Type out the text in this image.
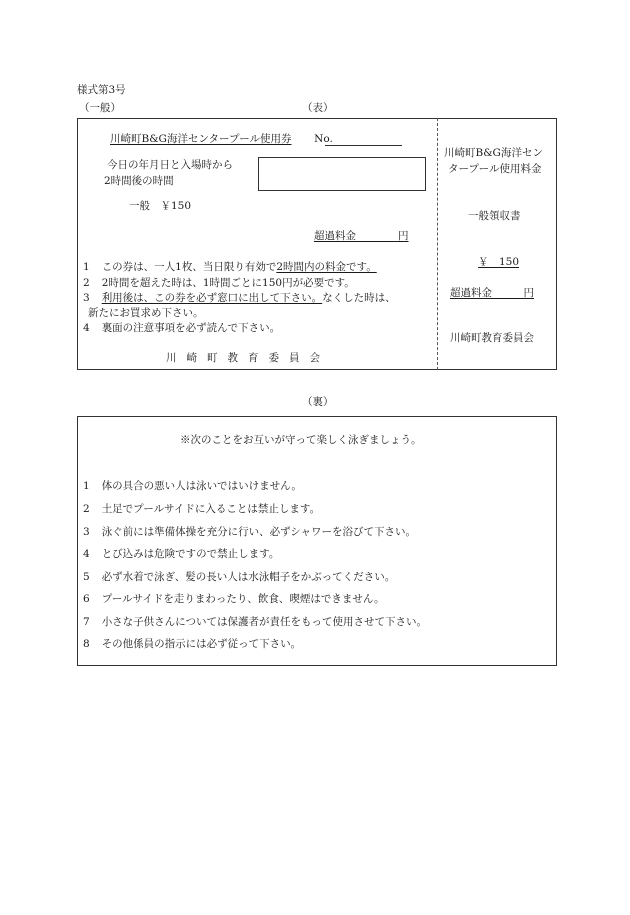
様式第3号
（一般）	（表）
川崎町B&G海洋センタープール使用券 No.
今日の年月日と入場時から
2時間後の時間
一般　￥150
超過料金　　　　円
1 この券は、一人1枚、当日限り有効で2時間内の料金です。
2 2時間を超えた時は、1時間ごとに150円が必要です。
3 利用後は、この券を必ず窓口に出して下さい。なくした時は、
新たにお買求め下さい。
4 裏面の注意事項を必ず読んで下さい。
川崎町教育委員会
川崎町B&G海洋セン
タープール使用料金
一般領収書
￥　150
超過料金　　　円
川崎町教育委員会
（裏）
※次のことをお互いが守って楽しく泳ぎましょう。
1 体の具合の悪い人は泳いではいけません。
2 土足でプールサイドに入ることは禁止します。
3 泳ぐ前には準備体操を充分に行い、必ずシャワーを浴びて下さい。
4 とび込みは危険ですので禁止します。
5 必ず水着で泳ぎ、髪の長い人は水泳帽子をかぶってください。
6 プールサイドを走りまわったり、飲食、喫煙はできません。
7 小さな子供さんについては保護者が責任をもって使用させて下さい。
8 その他係員の指示には必ず従って下さい。
